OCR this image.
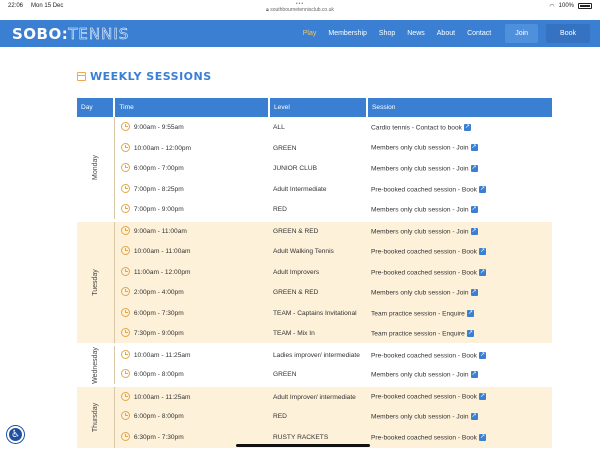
22:06 Mon 15 Dec	•••	◠ 100%
🔒︎ southbournetennisclub.co.uk
SOBO:TENNIS	Play	Membership	Shop	News	About	Contact	Join	Book
WEEKLY SESSIONS
Day	Time		Level	Session
Monday		9:00am - 9:55am	ALL	Cardio tennis - Contact to book↗
		10:00am - 12:00pm	GREEN	Members only club session - Join↗
		6:00pm - 7:00pm	JUNIOR CLUB	Members only club session - Join↗
		7:00pm - 8:25pm	Adult Intermediate	Pre-booked coached session - Book↗
		7:00pm - 9:00pm	RED	Members only club session - Join↗
Tuesday		9:00am - 11:00am	GREEN & RED	Members only club session - Join↗
		10:00am - 11:00am	Adult Walking Tennis	Pre-booked coached session - Book↗
		11:00am - 12:00pm	Adult Improvers	Pre-booked coached session - Book↗
		2:00pm - 4:00pm	GREEN & RED	Members only club session - Join↗
		6:00pm - 7:30pm	TEAM - Captains Invitational	Team practice session - Enquire↗
		7:30pm - 9:00pm	TEAM - Mix In	Team practice session - Enquire↗
Wednesday		10:00am - 11:25am	Ladies improver/ intermediate	Pre-booked coached session - Book↗
		6:00pm - 8:00pm	GREEN	Members only club session - Join↗
Thursday		10:00am - 11:25am	Adult Improver/ intermediate	Pre-booked coached session - Book↗
		6:00pm - 8:00pm	RED	Members only club session - Join↗
		6:30pm - 7:30pm	RUSTY RACKETS	Pre-booked coached session - Book↗
♿︎
